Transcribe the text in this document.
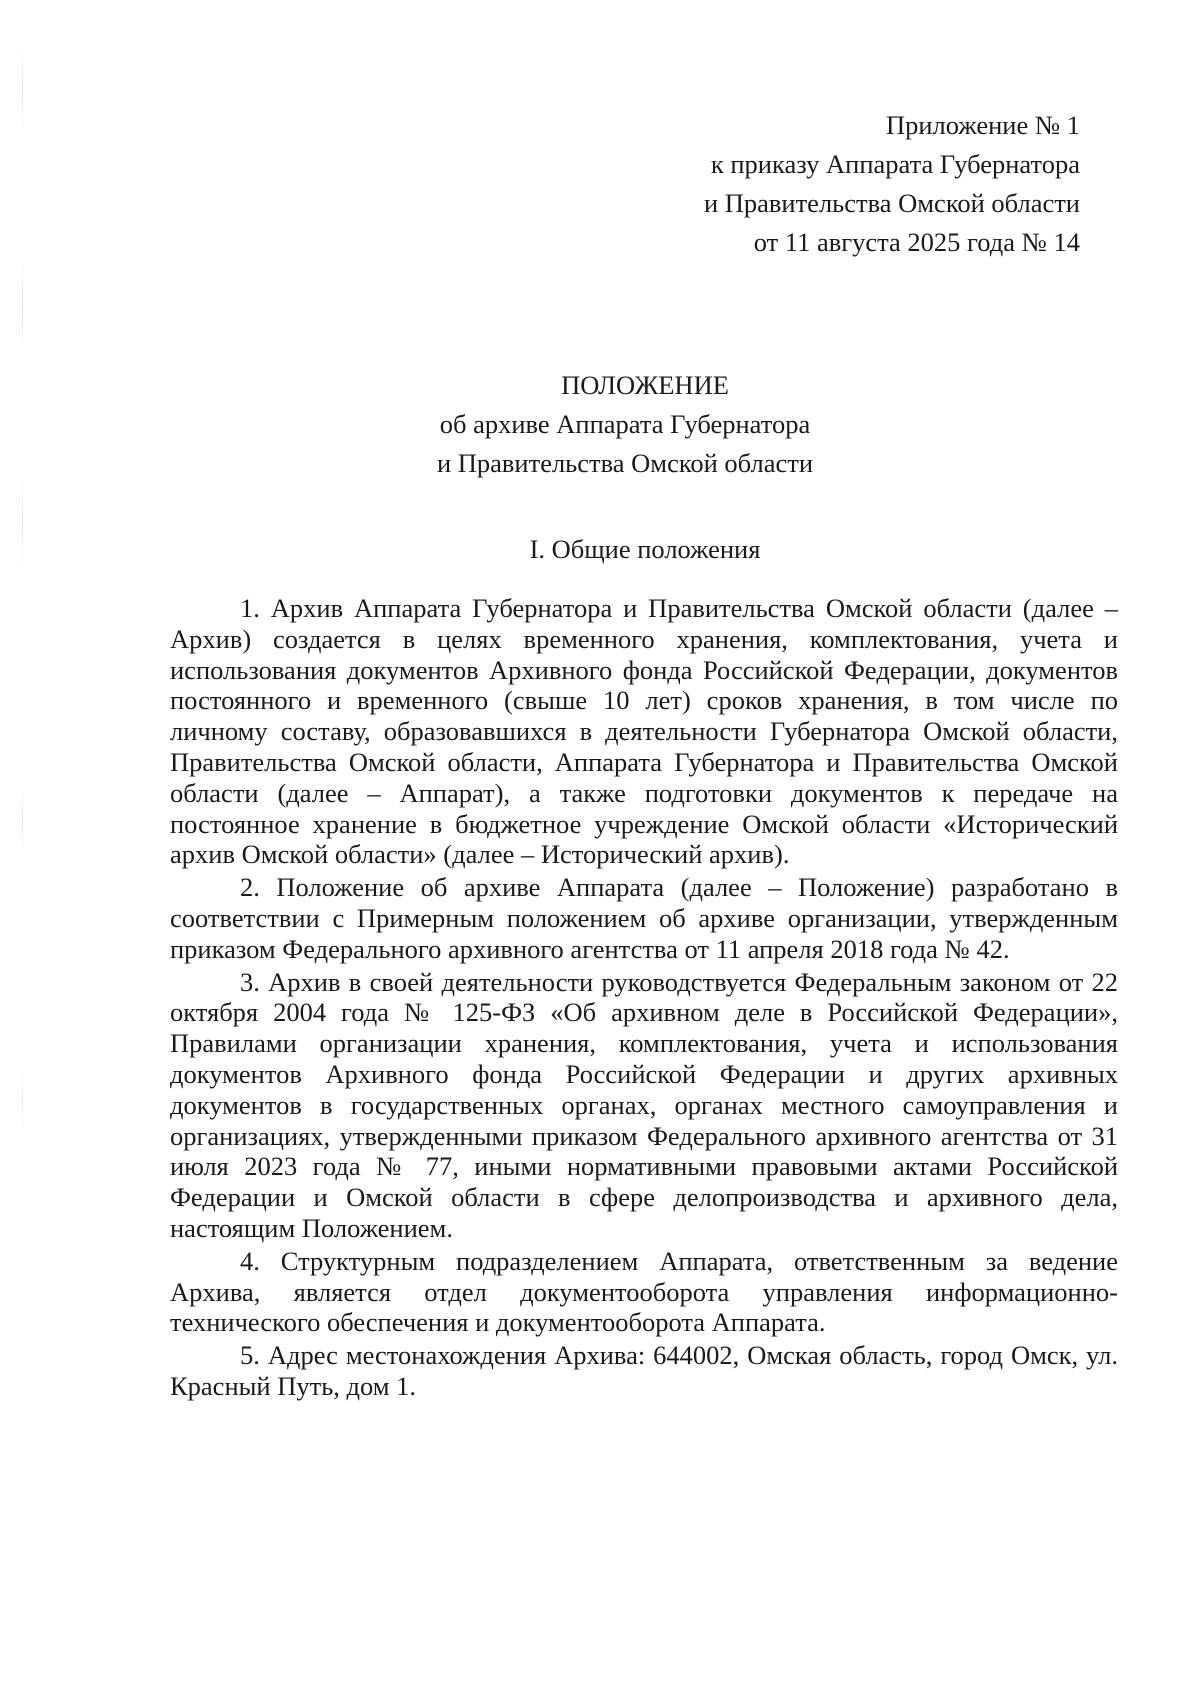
Приложение № 1
к приказу Аппарата Губернатора
и Правительства Омской области
от 11 августа 2025 года № 14
ПОЛОЖЕНИЕ
об архиве Аппарата Губернатора
и Правительства Омской области
I. Общие положения

1. Архив Аппарата Губернатора и Правительства Омской области (далее – Архив) создается в целях временного хранения, комплектования, учета и использования документов Архивного фонда Российской Федерации, документов постоянного и временного (свыше 10 лет) сроков хранения, в том числе по личному составу, образовавшихся в деятельности Губернатора Омской области, Правительства Омской области, Аппарата Губернатора и Правительства Омской области (далее – Аппарат), а также подготовки документов к передаче на постоянное хранение в бюджетное учреждение Омской области «Исторический архив Омской области» (далее – Исторический архив).

2. Положение об архиве Аппарата (далее – Положение) разработано в соответствии с Примерным положением об архиве организации, утвержденным приказом Федерального архивного агентства от 11 апреля 2018 года № 42.

3. Архив в своей деятельности руководствуется Федеральным законом от 22 октября 2004 года № 125-ФЗ «Об архивном деле в Российской Федерации», Правилами организации хранения, комплектования, учета и использования документов Архивного фонда Российской Федерации и других архивных документов в государственных органах, органах местного самоуправления и организациях, утвержденными приказом Федерального архивного агентства от 31 июля 2023 года № 77, иными нормативными правовыми актами Российской Федерации и Омской области в сфере делопроизводства и архивного дела, настоящим Положением.

4. Структурным подразделением Аппарата, ответственным за ведение Архива, является отдел документооборота управления информационно-технического обеспечения и документооборота Аппарата.

5. Адрес местонахождения Архива: 644002, Омская область, город Омск, ул. Красный Путь, дом 1.
